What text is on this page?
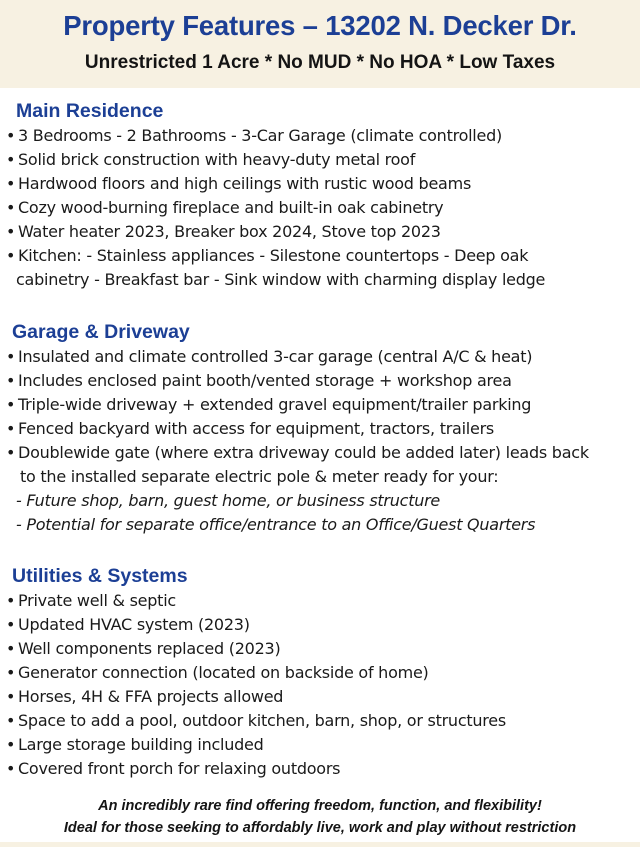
Property Features – 13202 N. Decker Dr.
Unrestricted 1 Acre * No MUD * No HOA * Low Taxes
Main Residence
• 3 Bedrooms - 2 Bathrooms - 3-Car Garage (climate controlled)
• Solid brick construction with heavy-duty metal roof
• Hardwood floors and high ceilings with rustic wood beams
• Cozy wood-burning fireplace and built-in oak cabinetry
• Water heater 2023, Breaker box 2024, Stove top 2023
• Kitchen: - Stainless appliances - Silestone countertops - Deep oak
cabinetry - Breakfast bar - Sink window with charming display ledge
Garage & Driveway
• Insulated and climate controlled 3-car garage (central A/C & heat)
• Includes enclosed paint booth/vented storage + workshop area
• Triple-wide driveway + extended gravel equipment/trailer parking
• Fenced backyard with access for equipment, tractors, trailers
• Doublewide gate (where extra driveway could be added later) leads back
to the installed separate electric pole & meter ready for your:
- Future shop, barn, guest home, or business structure
- Potential for separate office/entrance to an Office/Guest Quarters
Utilities & Systems
• Private well & septic
• Updated HVAC system (2023)
• Well components replaced (2023)
• Generator connection (located on backside of home)
• Horses, 4H & FFA projects allowed
• Space to add a pool, outdoor kitchen, barn, shop, or structures
• Large storage building included
• Covered front porch for relaxing outdoors
An incredibly rare find offering freedom, function, and flexibility!
Ideal for those seeking to affordably live, work and play without restriction
